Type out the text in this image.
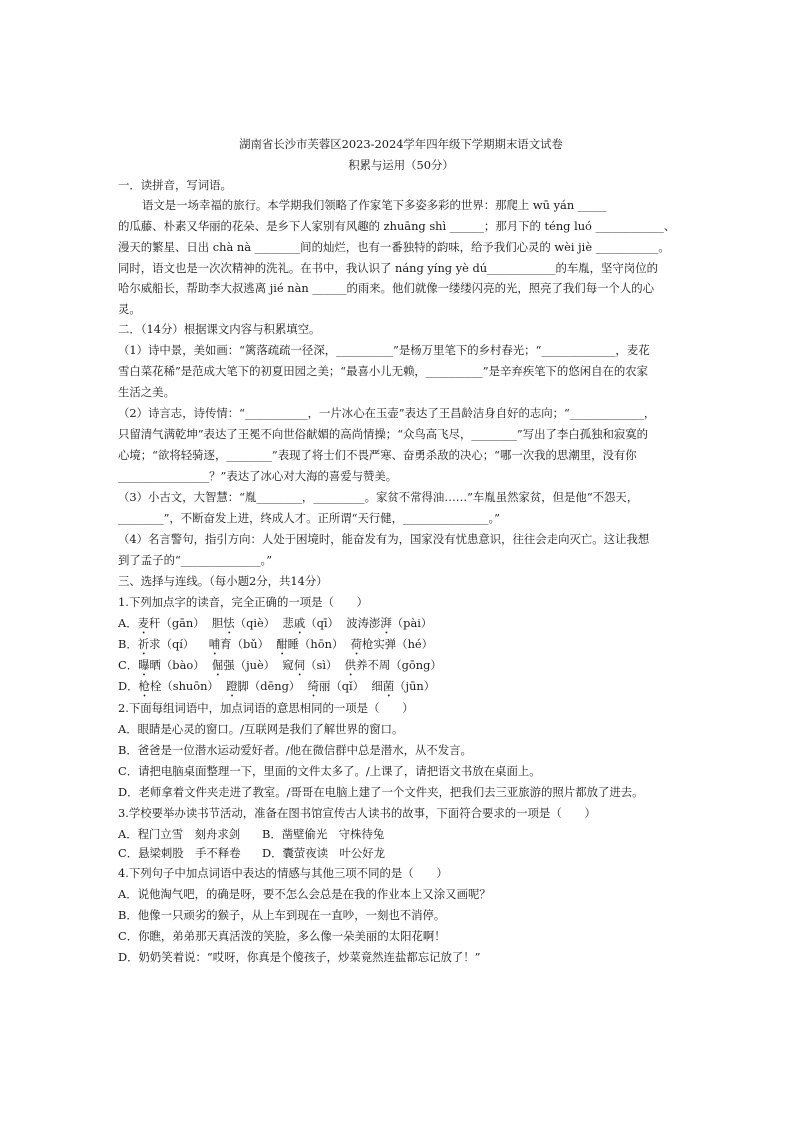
湖南省长沙市芙蓉区2023-2024学年四年级下学期期末语文试卷
积累与运用（50分）
一．读拼音，写词语。
语文是一场幸福的旅行。本学期我们领略了作家笔下多姿多彩的世界：那爬上 wū yán _____
的瓜藤、朴素又华丽的花朵、是乡下人家别有风趣的 zhuāng shì ______；那月下的 téng luó ____________、
漫天的繁星、日出 chà nà ________间的灿烂，也有一番独特的韵味，给予我们心灵的 wèi jiè ___________。
同时，语文也是一次次精神的洗礼。在书中，我认识了 náng yíng yè dú____________的车胤，坚守岗位的
哈尔威船长，帮助李大叔逃离 jié nàn ______的雨来。他们就像一缕缕闪亮的光，照亮了我们每一个人的心
灵。
二．（14分）根据课文内容与积累填空。
（1）诗中景，美如画：“篱落疏疏一径深，__________”是杨万里笔下的乡村春光；“_____________，麦花
雪白菜花稀”是范成大笔下的初夏田园之美；“最喜小儿无赖，__________”是辛弃疾笔下的悠闲自在的农家
生活之美。
（2）诗言志，诗传情：“___________，一片冰心在玉壶”表达了王昌龄洁身自好的志向；“_____________，
只留清气满乾坤”表达了王冕不向世俗献媚的高尚情操；“众鸟高飞尽，________”写出了李白孤独和寂寞的
心境；“欲将轻骑逐，________”表现了将士们不畏严寒、奋勇杀敌的决心；“哪一次我的思潮里，没有你
________________？”表达了冰心对大海的喜爱与赞美。
（3）小古文，大智慧：“胤________，_________。家贫不常得油……”车胤虽然家贫，但是他“不怨天，
________”，不断奋发上进，终成人才。正所谓“天行健，_______________。”
（4）名言警句，指引方向：人处于困境时，能奋发有为，国家没有忧患意识，往往会走向灭亡。这让我想
到了孟子的“______________。”
三、选择与连线。（每小题2分，共14分）
1.下列加点字的读音，完全正确的一项是（　　）
A．麦秆（gān） 胆怯（qiè） 悲戚（qī） 波涛澎湃（pài）
B．祈求（qí） 哺育（bǔ） 酣睡（hōn） 荷枪实弹（hé）
C．曝晒（bào） 倔强（juè） 窥伺（sì） 供养不周（gōng）
D．枪栓（shuōn） 蹬脚（dēng） 绮丽（qǐ） 细菌（jūn）
2.下面每组词语中，加点词语的意思相同的一项是（　　）
A．眼睛是心灵的窗口。/互联网是我们了解世界的窗口。
B．爸爸是一位潜水运动爱好者。/他在微信群中总是潜水，从不发言。
C．请把电脑桌面整理一下，里面的文件太多了。/上课了，请把语文书放在桌面上。
D．老师拿着文件夹走进了教室。/哥哥在电脑上建了一个文件夹，把我们去三亚旅游的照片都放了进去。
3.学校要举办读书节活动，准备在图书馆宣传古人读书的故事，下面符合要求的一项是（　　）
A．程门立雪　刻舟求剑 B．凿壁偷光　守株待兔
C．悬梁刺股　手不释卷 D．囊萤夜读　叶公好龙
4.下列句子中加点词语中表达的情感与其他三项不同的是（　　）
A．说他淘气吧，的确是呀，要不怎么会总是在我的作业本上又涂又画呢？
B．他像一只顽劣的猴子，从上车到现在一直吵，一刻也不消停。
C．你瞧，弟弟那天真活泼的笑脸，多么像一朵美丽的太阳花啊！
D．奶奶笑着说：“哎呀，你真是个傻孩子，炒菜竟然连盐都忘记放了！”
